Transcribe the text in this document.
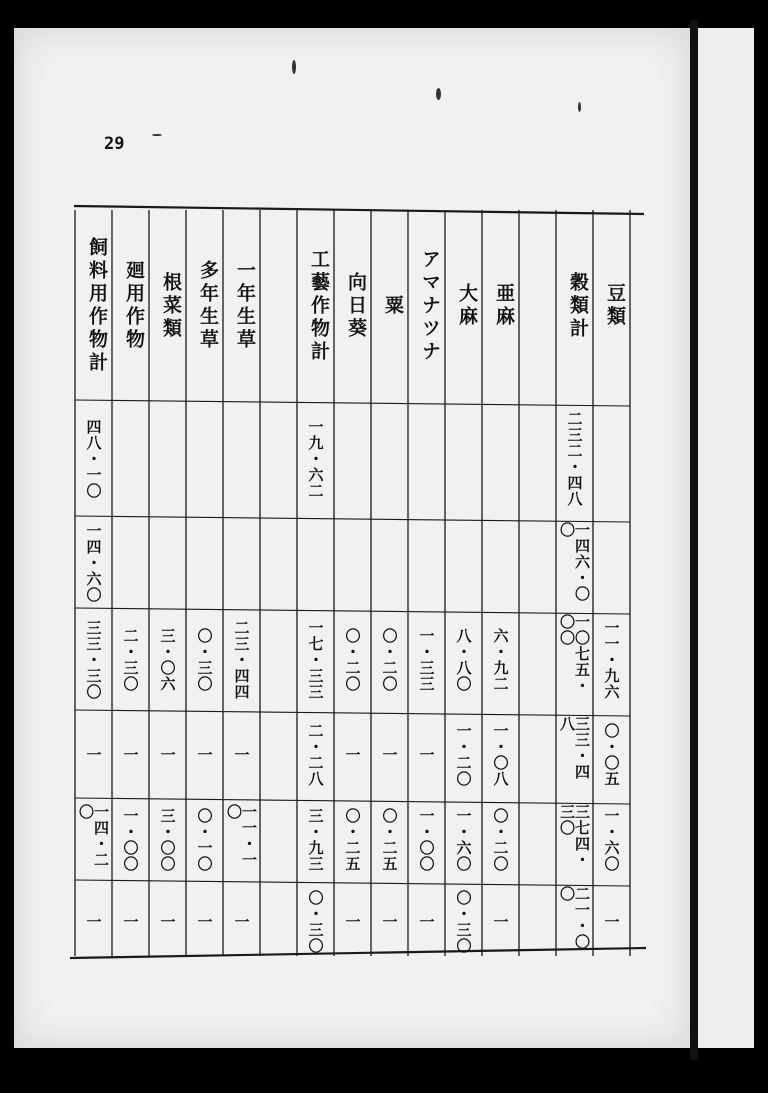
29
豆類
一一・九六
〇・〇五
一・六〇
一
穀類計
二三二・四八
一四六・〇〇
一〇七五・〇〇
三三・四八
三七四・三〇
二一・〇〇
亜麻
六・九二
一・〇八
〇・二〇
一
大麻
八・八〇
一・二〇
一・六〇
〇・三〇
アマナツナ
一・三三
一
一・〇〇
一
粟
〇・二〇
一
〇・二五
一
向日葵
〇・二〇
一
〇・二五
一
工藝作物計
一九・六二
一七・三三
二・二八
三・九三
〇・三〇
一年生草
二三・四四
一
一一・一〇
一
多年生草
〇・三〇
一
〇・一〇
一
根菜類
三・〇六
一
三・〇〇
一
廻用作物
二・三〇
一
一・〇〇
一
飼料用作物計
四八・一〇
一四・六〇
三三・三〇
一
一四・二〇
一
